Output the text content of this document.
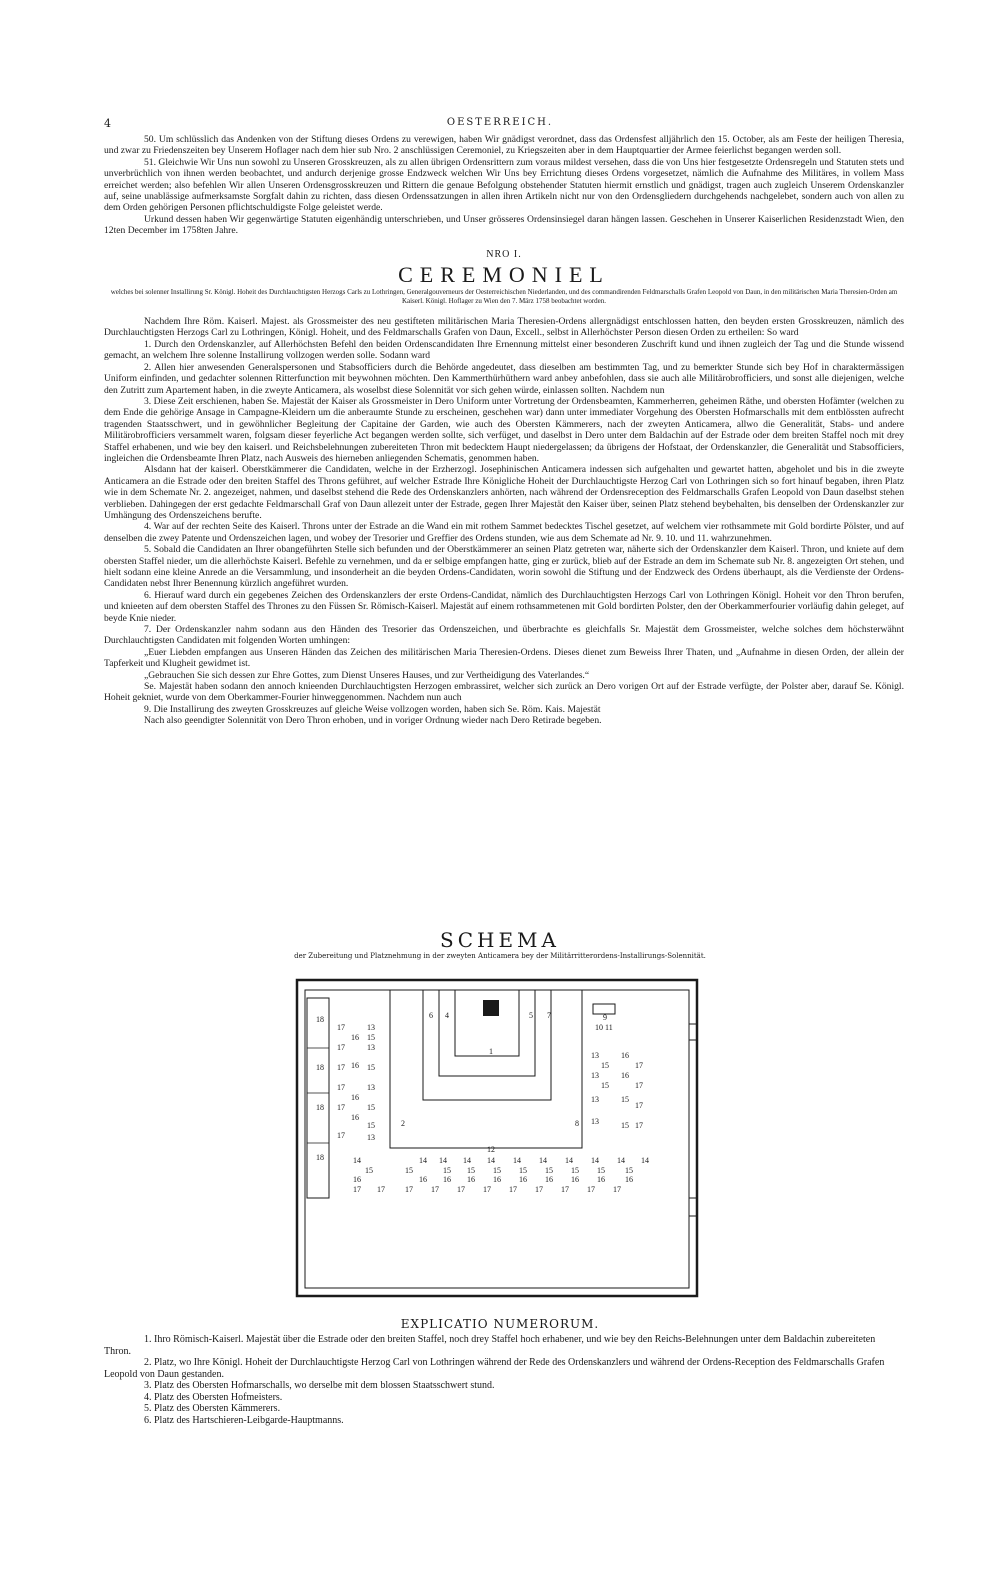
4	OESTERREICH.

50. Um schlüsslich das Andenken von der Stiftung dieses Ordens zu verewigen, haben Wir gnädigst verordnet, dass das Ordensfest alljährlich den 15. October, als am Feste der heiligen Theresia, und zwar zu Friedenszeiten bey Unserem Hoflager nach dem hier sub Nro. 2 anschlüssigen Ceremoniel, zu Kriegszeiten aber in dem Hauptquartier der Armee feierlichst begangen werden soll.

51. Gleichwie Wir Uns nun sowohl zu Unseren Grosskreuzen, als zu allen übrigen Ordensrittern zum voraus mildest versehen, dass die von Uns hier festgesetzte Ordensregeln und Statuten stets und unverbrüchlich von ihnen werden beobachtet, und andurch derjenige grosse Endzweck welchen Wir Uns bey Errichtung dieses Ordens vorgesetzet, nämlich die Aufnahme des Militäres, in vollem Mass erreichet werden; also befehlen Wir allen Unseren Ordensgrosskreuzen und Rittern die genaue Befolgung obstehender Statuten hiermit ernstlich und gnädigst, tragen auch zugleich Unserem Ordenskanzler auf, seine unablässige aufmerksamste Sorgfalt dahin zu richten, dass diesen Ordenssatzungen in allen ihren Artikeln nicht nur von den Ordensgliedern durchgehends nachgelebet, sondern auch von allen zu dem Orden gehörigen Personen pflichtschuldigste Folge geleistet werde.

Urkund dessen haben Wir gegenwärtige Statuten eigenhändig unterschrieben, und Unser grösseres Ordensinsiegel daran hängen lassen. Geschehen in Unserer Kaiserlichen Residenzstadt Wien, den 12ten December im 1758ten Jahre.

NRO I.

CEREMONIEL

welches bei solenner Installirung Sr. Königl. Hoheit des Durchlauchtigsten Herzogs Carls zu Lothringen, Generalgouverneurs der Oesterreichischen Niederlanden, und des commandirenden Feldmarschalls Grafen Leopold von Daun, in den militärischen Maria Theresien-Orden am Kaiserl. Königl. Hoflager zu Wien den 7. März 1758 beobachtet worden.

Nachdem Ihre Röm. Kaiserl. Majest. als Grossmeister des neu gestifteten militärischen Maria Theresien-Ordens allergnädigst entschlossen hatten, den beyden ersten Grosskreuzen, nämlich des Durchlauchtigsten Herzogs Carl zu Lothringen, Königl. Hoheit, und des Feldmarschalls Grafen von Daun, Excell., selbst in Allerhöchster Person diesen Orden zu ertheilen: So ward

1. Durch den Ordenskanzler, auf Allerhöchsten Befehl den beiden Ordenscandidaten Ihre Ernennung mittelst einer besonderen Zuschrift kund und ihnen zugleich der Tag und die Stunde wissend gemacht, an welchem Ihre solenne Installirung vollzogen werden solle. Sodann ward

2. Allen hier anwesenden Generalspersonen und Stabsofficiers durch die Behörde angedeutet, dass dieselben am bestimmten Tag, und zu bemerkter Stunde sich bey Hof in charaktermässigen Uniform einfinden, und gedachter solennen Ritterfunction mit beywohnen möchten. Den Kammerthürhüthern ward anbey anbefohlen, dass sie auch alle Militärobrofficiers, und sonst alle diejenigen, welche den Zutritt zum Apartement haben, in die zweyte Anticamera, als woselbst diese Solennität vor sich gehen würde, einlassen sollten. Nachdem nun

3. Diese Zeit erschienen, haben Se. Majestät der Kaiser als Grossmeister in Dero Uniform unter Vortretung der Ordensbeamten, Kammerherren, geheimen Räthe, und obersten Hofämter (welchen zu dem Ende die gehörige Ansage in Campagne-Kleidern um die anberaumte Stunde zu erscheinen, geschehen war) dann unter immediater Vorgehung des Obersten Hofmarschalls mit dem entblössten aufrecht tragenden Staatsschwert, und in gewöhnlicher Begleitung der Capitaine der Garden, wie auch des Obersten Kämmerers, nach der zweyten Anticamera, allwo die Generalität, Stabs- und andere Militärobrofficiers versammelt waren, folgsam dieser feyerliche Act begangen werden sollte, sich verfüget, und daselbst in Dero unter dem Baldachin auf der Estrade oder dem breiten Staffel noch mit drey Staffel erhabenen, und wie bey den kaiserl. und Reichsbelehnungen zubereiteten Thron mit bedecktem Haupt niedergelassen; da übrigens der Hofstaat, der Ordenskanzler, die Generalität und Stabsofficiers, ingleichen die Ordensbeamte Ihren Platz, nach Ausweis des hierneben anliegenden Schematis, genommen haben.

Alsdann hat der kaiserl. Oberstkämmerer die Candidaten, welche in der Erzherzogl. Josephinischen Anticamera indessen sich aufgehalten und gewartet hatten, abgeholet und bis in die zweyte Anticamera an die Estrade oder den breiten Staffel des Throns geführet, auf welcher Estrade Ihre Königliche Hoheit der Durchlauchtigste Herzog Carl von Lothringen sich so fort hinauf begaben, ihren Platz wie in dem Schemate Nr. 2. angezeiget, nahmen, und daselbst stehend die Rede des Ordenskanzlers anhörten, nach während der Ordensreception des Feldmarschalls Grafen Leopold von Daun daselbst stehen verblieben. Dahingegen der erst gedachte Feldmarschall Graf von Daun allezeit unter der Estrade, gegen Ihrer Majestät den Kaiser über, seinen Platz stehend beybehalten, bis denselben der Ordenskanzler zur Umhängung des Ordenszeichens berufte.

4. War auf der rechten Seite des Kaiserl. Throns unter der Estrade an die Wand ein mit rothem Sammet bedecktes Tischel gesetzet, auf welchem vier rothsammete mit Gold bordirte Pölster, und auf denselben die zwey Patente und Ordenszeichen lagen, und wobey der Tresorier und Greffier des Ordens stunden, wie aus dem Schemate ad Nr. 9. 10. und 11. wahrzunehmen.

5. Sobald die Candidaten an Ihrer obangeführten Stelle sich befunden und der Oberstkämmerer an seinen Platz getreten war, näherte sich der Ordenskanzler dem Kaiserl. Thron, und kniete auf dem obersten Staffel nieder, um die allerhöchste Kaiserl. Befehle zu vernehmen, und da er selbige empfangen hatte, ging er zurück, blieb auf der Estrade an dem im Schemate sub Nr. 8. angezeigten Ort stehen, und hielt sodann eine kleine Anrede an die Versammlung, und insonderheit an die beyden Ordens-Candidaten, worin sowohl die Stiftung und der Endzweck des Ordens überhaupt, als die Verdienste der Ordens-Candidaten nebst Ihrer Benennung kürzlich angeführet wurden.

6. Hierauf ward durch ein gegebenes Zeichen des Ordenskanzlers der erste Ordens-Candidat, nämlich des Durchlauchtigsten Herzogs Carl von Lothringen Königl. Hoheit vor den Thron berufen, und knieeten auf dem obersten Staffel des Thrones zu den Füssen Sr. Römisch-Kaiserl. Majestät auf einem rothsammetenen mit Gold bordirten Polster, den der Oberkammerfourier vorläufig dahin geleget, auf beyde Knie nieder.

7. Der Ordenskanzler nahm sodann aus den Händen des Tresorier das Ordenszeichen, und überbrachte es gleichfalls Sr. Majestät dem Grossmeister, welche solches dem höchsterwähnt Durchlauchtigsten Candidaten mit folgenden Worten umhingen:

„Euer Liebden empfangen aus Unseren Händen das Zeichen des militärischen Maria Theresien-Ordens. Dieses dienet zum Beweiss Ihrer Thaten, und „Aufnahme in diesen Orden, der allein der Tapferkeit und Klugheit gewidmet ist.

„Gebrauchen Sie sich dessen zur Ehre Gottes, zum Dienst Unseres Hauses, und zur Vertheidigung des Vaterlandes.“

Se. Majestät haben sodann den annoch knieenden Durchlauchtigsten Herzogen embrassiret, welcher sich zurück an Dero vorigen Ort auf der Estrade verfügte, der Polster aber, darauf Se. Königl. Hoheit gekniet, wurde von dem Oberkammer-Fourier hinweggenommen. Nachdem nun auch

9. Die Installirung des zweyten Grosskreuzes auf gleiche Weise vollzogen worden, haben sich Se. Röm. Kais. Majestät

Nach also geendigter Solennität von Dero Thron erhoben, und in voriger Ordnung wieder nach Dero Retirade begeben.

SCHEMA
der Zubereitung und Platznehmung in der zweyten Anticamera bey der Militärritterordens-Installirungs-Solennität.
1
2
4
6	5 7
8
9
10 11
12
18
18
18
18
17	13
16 15
17	13
17 16 15
17	13
16
17	15
16
15
17	13
13	16
15	17
13	16
15	17
13	15
17
13	15 17
14	14 14 14 14 14 14 14 14 14 14
15	15	15 15 15 15 15 15 15	15
16	16 16 16 16 16 16 16 16	16
17 17	17 17 17 17 17 17 17 17 17
EXPLICATIO NUMERORUM.

1. Ihro Römisch-Kaiserl. Majestät über die Estrade oder den breiten Staffel, noch drey Staffel hoch erhabener, und wie bey den Reichs-Belehnungen unter dem Baldachin zubereiteten Thron.

2. Platz, wo Ihre Königl. Hoheit der Durchlauchtigste Herzog Carl von Lothringen während der Rede des Ordenskanzlers und während der Ordens-Reception des Feldmarschalls Grafen Leopold von Daun gestanden.

3. Platz des Obersten Hofmarschalls, wo derselbe mit dem blossen Staatsschwert stund.

4. Platz des Obersten Hofmeisters.

5. Platz des Obersten Kämmerers.

6. Platz des Hartschieren-Leibgarde-Hauptmanns.
